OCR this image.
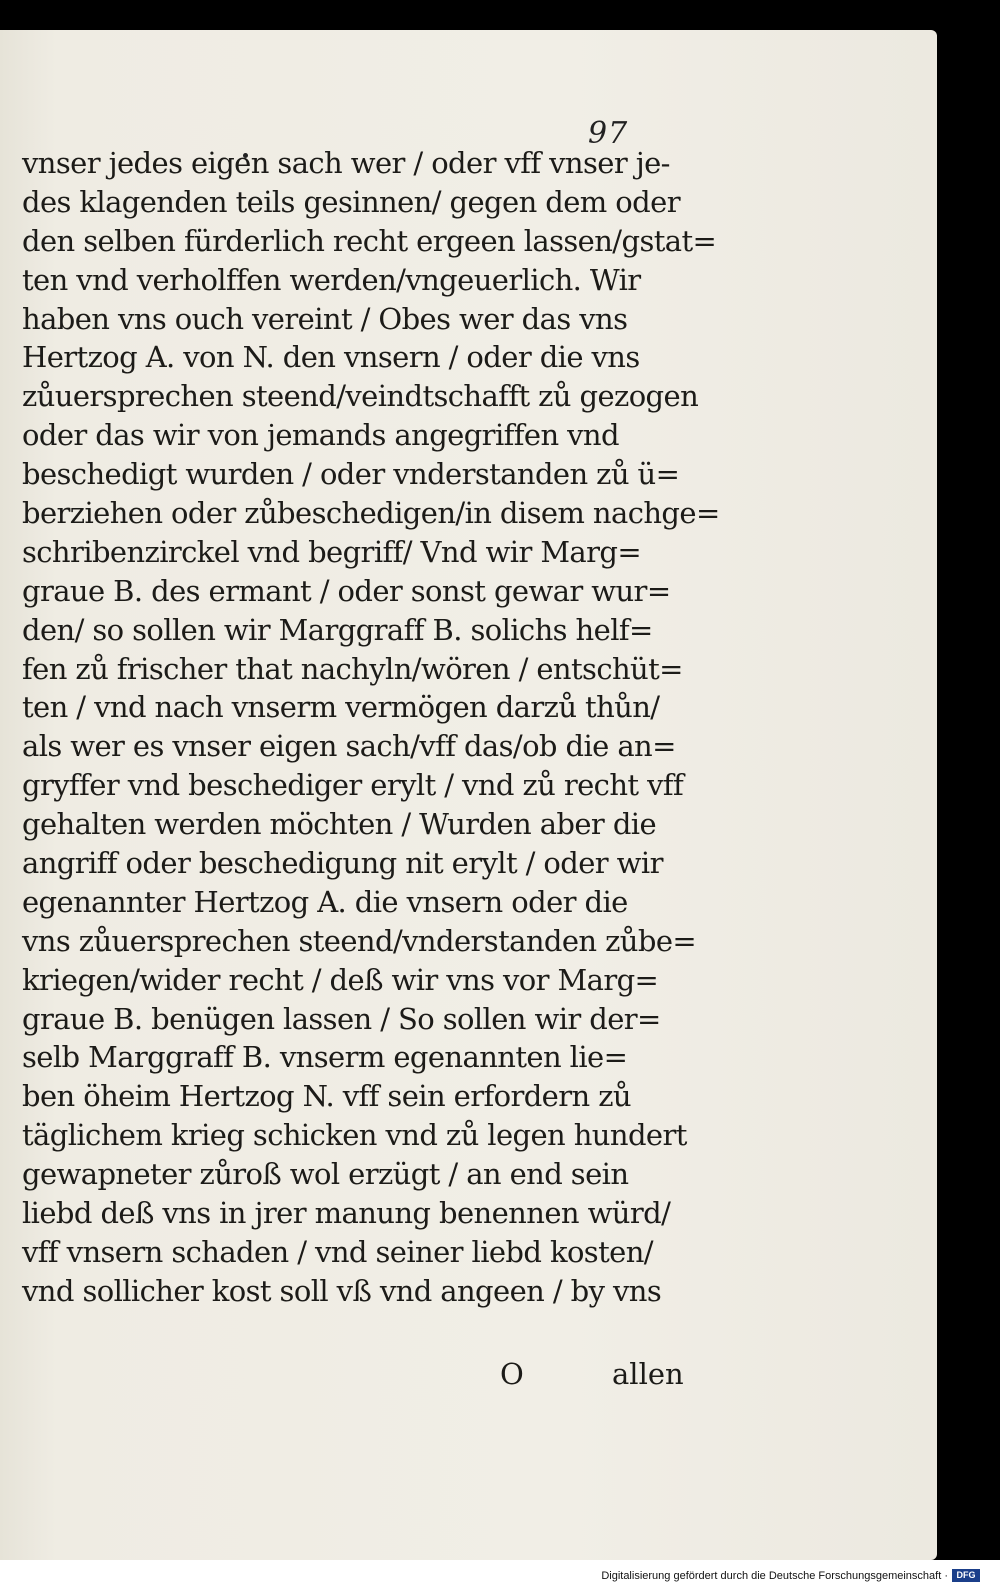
97
vnser jedes eigen sach wer / oder vff vnser je-
des klagenden teils gesinnen/ gegen dem oder
den selben fürderlich recht ergeen lassen/gstat=
ten vnd verholffen werden/vngeuerlich. Wir
haben vns ouch vereint / Obes wer das vns
Hertzog A. von N. den vnsern / oder die vns
zůuersprechen steend/veindtschafft zů gezogen
oder das wir von jemands angegriffen vnd
beschedigt wurden / oder vnderstanden zů ü=
berziehen oder zůbeschedigen/in disem nachge=
schribenzirckel vnd begriff/ Vnd wir Marg=
graue B. des ermant / oder sonst gewar wur=
den/ so sollen wir Marggraff B. solichs helf=
fen zů frischer that nachyln/wören / entschüt=
ten / vnd nach vnserm vermögen darzů thůn/
als wer es vnser eigen sach/vff das/ob die an=
gryffer vnd beschediger erylt / vnd zů recht vff
gehalten werden möchten / Wurden aber die
angriff oder beschedigung nit erylt / oder wir
egenannter Hertzog A. die vnsern oder die
vns zůuersprechen steend/vnderstanden zůbe=
kriegen/wider recht / deß wir vns vor Marg=
graue B. benügen lassen / So sollen wir der=
selb Marggraff B. vnserm egenannten lie=
ben öheim Hertzog N. vff sein erfordern zů
täglichem krieg schicken vnd zů legen hundert
gewapneter zůroß wol erzügt / an end sein
liebd deß vns in jrer manung benennen würd/
vff vnsern schaden / vnd seiner liebd kosten/
vnd sollicher kost soll vß vnd angeen / by vns
O	allen
Digitalisierung gefördert durch die Deutsche Forschungsgemeinschaft · DFG
